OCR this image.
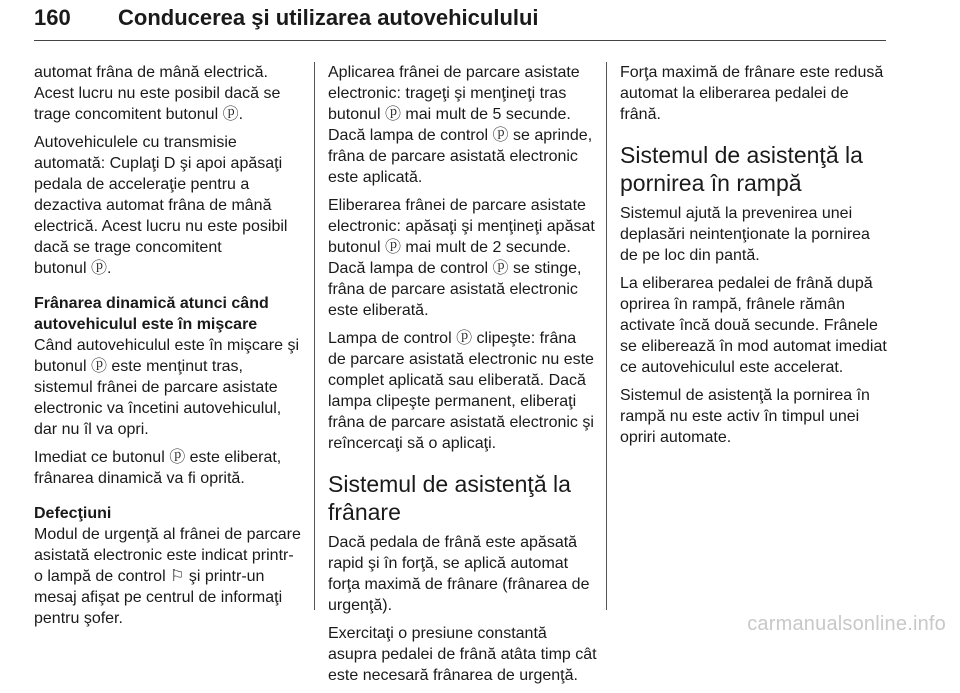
160 Conducerea şi utilizarea autovehiculului

automat frâna de mână electrică.
Acest lucru nu este posibil dacă se
trage concomitent butonul ⓟ.

Autovehiculele cu transmisie
automată: Cuplaţi D şi apoi apăsaţi
pedala de acceleraţie pentru a
dezactiva automat frâna de mână
electrică. Acest lucru nu este posibil
dacă se trage concomitent
butonul ⓟ.

Frânarea dinamică atunci când
autovehiculul este în mişcare

Când autovehiculul este în mişcare şi
butonul ⓟ este menţinut tras,
sistemul frânei de parcare asistate
electronic va încetini autovehiculul,
dar nu îl va opri.

Imediat ce butonul ⓟ este eliberat,
frânarea dinamică va fi oprită.

Defecţiuni

Modul de urgenţă al frânei de parcare
asistată electronic este indicat printr-
o lampă de control ⚐ şi printr-un
mesaj afişat pe centrul de informaţi
pentru şofer.

Aplicarea frânei de parcare asistate
electronic: trageţi şi menţineţi tras
butonul ⓟ mai mult de 5 secunde.
Dacă lampa de control ⓟ se aprinde,
frâna de parcare asistată electronic
este aplicată.

Eliberarea frânei de parcare asistate
electronic: apăsaţi şi menţineţi apăsat
butonul ⓟ mai mult de 2 secunde.
Dacă lampa de control ⓟ se stinge,
frâna de parcare asistată electronic
este eliberată.

Lampa de control ⓟ clipeşte: frâna
de parcare asistată electronic nu este
complet aplicată sau eliberată. Dacă
lampa clipeşte permanent, eliberaţi
frâna de parcare asistată electronic şi
reîncercaţi să o aplicaţi.

Sistemul de asistenţă la
frânare

Dacă pedala de frână este apăsată
rapid şi în forţă, se aplică automat
forţa maximă de frânare (frânarea de
urgenţă).

Exercitaţi o presiune constantă
asupra pedalei de frână atâta timp cât
este necesară frânarea de urgenţă.

Forţa maximă de frânare este redusă
automat la eliberarea pedalei de
frână.

Sistemul de asistenţă la
pornirea în rampă

Sistemul ajută la prevenirea unei
deplasări neintenţionate la pornirea
de pe loc din pantă.

La eliberarea pedalei de frână după
oprirea în rampă, frânele rămân
activate încă două secunde. Frânele
se eliberează în mod automat imediat
ce autovehiculul este accelerat.

Sistemul de asistenţă la pornirea în
rampă nu este activ în timpul unei
opriri automate.

carmanualsonline.info
